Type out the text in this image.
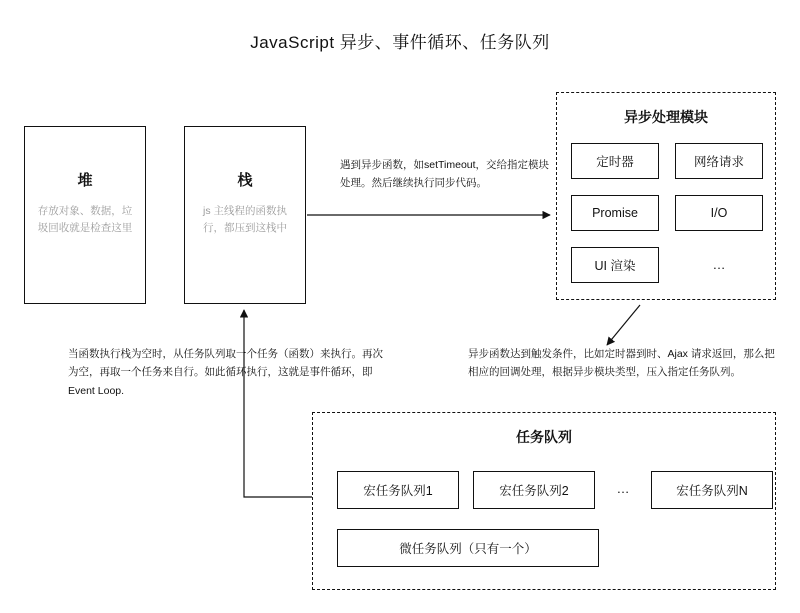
JavaScript 异步、事件循环、任务队列
堆
存放对象、数据，垃圾回收就是检查这里
栈
js 主线程的函数执行，都压到这栈中
异步处理模块
定时器	网络请求
Promise	I/O
UI 渲染	…
任务队列
宏任务队列1	宏任务队列2	…	宏任务队列N
微任务队列（只有一个）
遇到异步函数，如setTimeout，交给指定模块处理。然后继续执行同步代码。
当函数执行栈为空时，从任务队列取一个任务（函数）来执行。再次为空，再取一个任务来自行。如此循环执行，这就是事件循环，即 Event Loop.
异步函数达到触发条件，比如定时器到时、Ajax 请求返回，那么把相应的回调处理，根据异步模块类型，压入指定任务队列。
